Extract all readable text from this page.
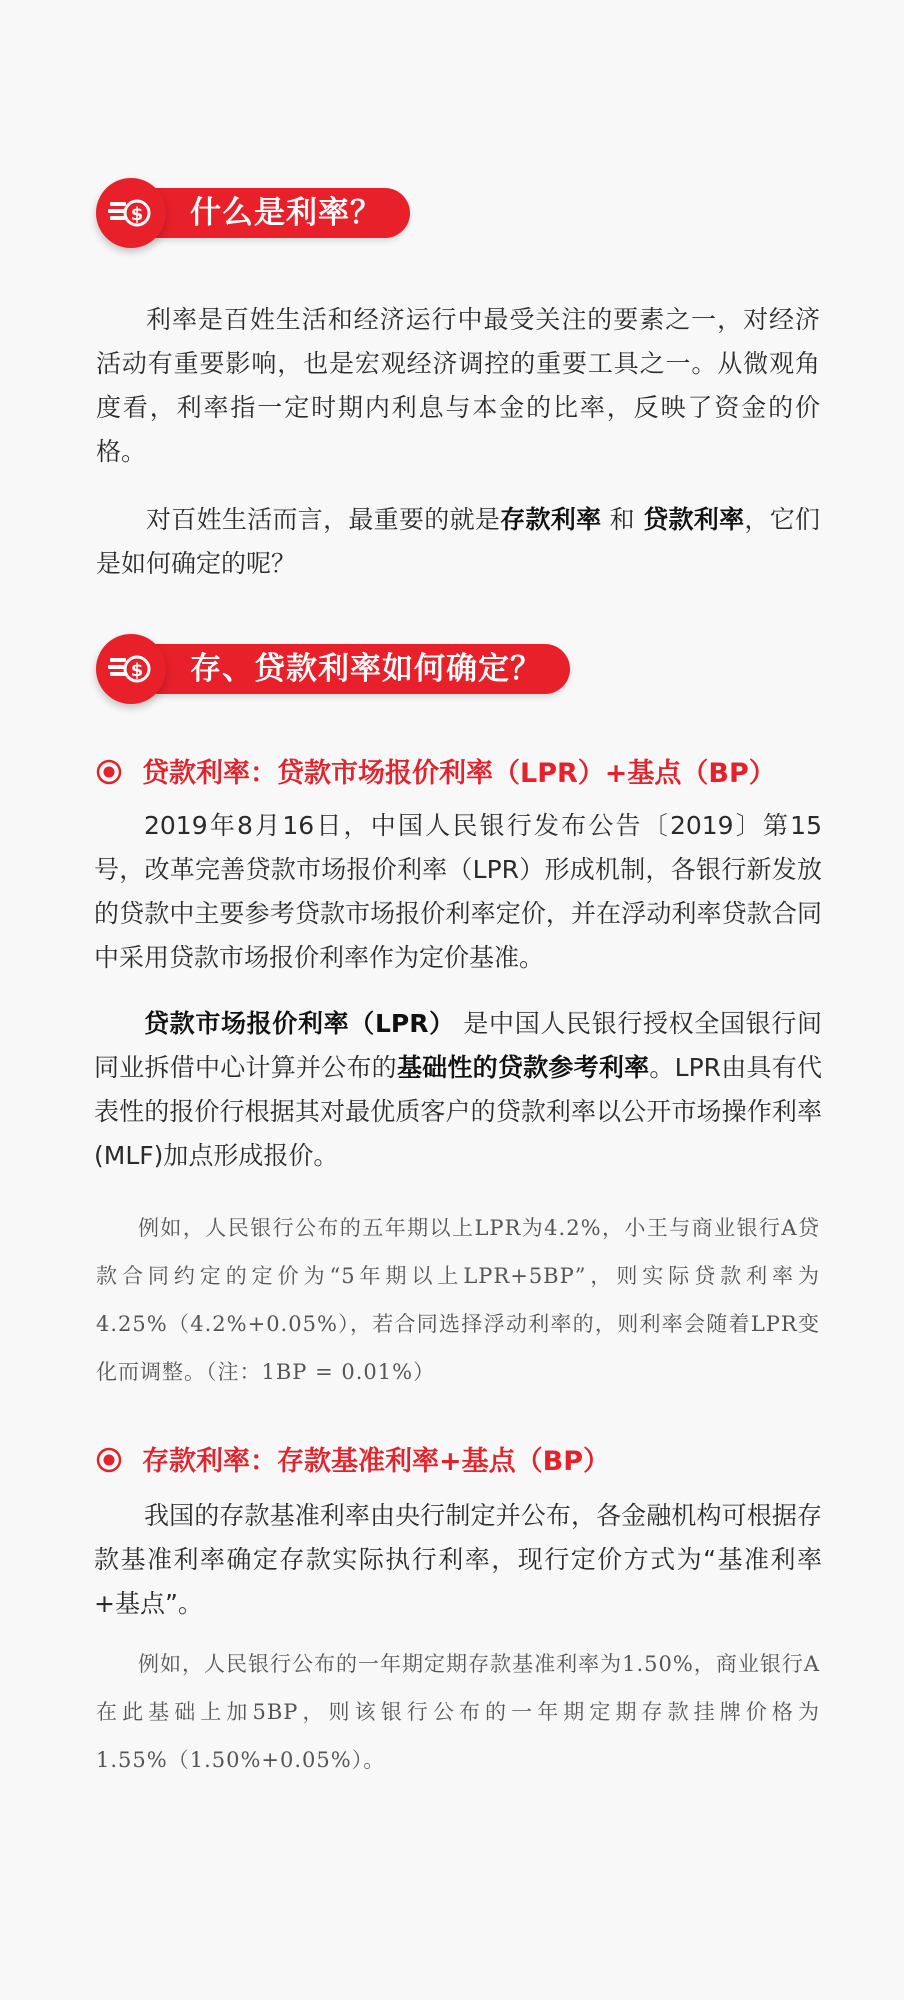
什么是利率？
$

利率是百姓生活和经济运行中最受关注的要素之一，对经济活动有重要影响，也是宏观经济调控的重要工具之一。从微观角度看，利率指一定时期内利息与本金的比率，反映了资金的价格。

对百姓生活而言，最重要的就是存款利率 和 贷款利率，它们是如何确定的呢？

存、贷款利率如何确定？
$
贷款利率：贷款市场报价利率（LPR）+基点（BP）

2019年8月16日，中国人民银行发布公告〔2019〕第15号，改革完善贷款市场报价利率（LPR）形成机制，各银行新发放的贷款中主要参考贷款市场报价利率定价，并在浮动利率贷款合同中采用贷款市场报价利率作为定价基准。

贷款市场报价利率（LPR） 是中国人民银行授权全国银行间同业拆借中心计算并公布的基础性的贷款参考利率。LPR由具有代表性的报价行根据其对最优质客户的贷款利率以公开市场操作利率(MLF)加点形成报价。

例如，人民银行公布的五年期以上LPR为4.2%，小王与商业银行A贷款合同约定的定价为“5年期以上LPR+5BP”，则实际贷款利率为4.25%（4.2%+0.05%），若合同选择浮动利率的，则利率会随着LPR变化而调整。（注：1BP = 0.01%）

存款利率：存款基准利率+基点（BP）

我国的存款基准利率由央行制定并公布，各金融机构可根据存款基准利率确定存款实际执行利率，现行定价方式为“基准利率+基点”。

例如，人民银行公布的一年期定期存款基准利率为1.50%，商业银行A在此基础上加5BP，则该银行公布的一年期定期存款挂牌价格为1.55%（1.50%+0.05%）。
